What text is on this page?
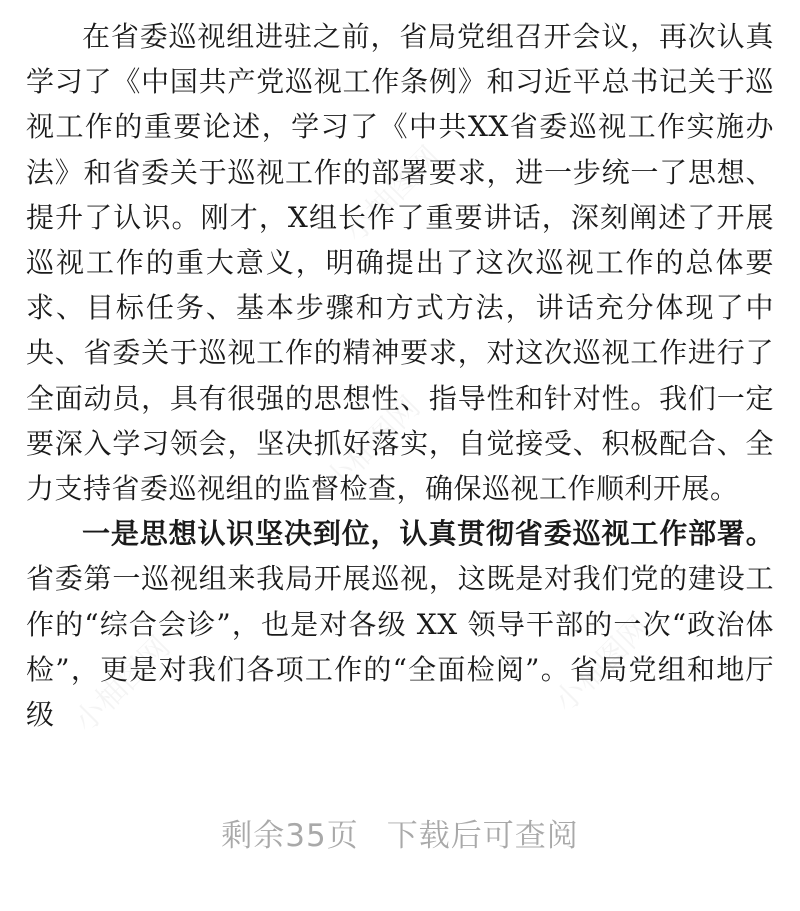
在省委巡视组进驻之前，省局党组召开会议，再次认真学习了《中国共产党巡视工作条例》和习近平总书记关于巡视工作的重要论述，学习了《中共XX省委巡视工作实施办法》和省委关于巡视工作的部署要求，进一步统一了思想、提升了认识。刚才，X组长作了重要讲话，深刻阐述了开展巡视工作的重大意义，明确提出了这次巡视工作的总体要求、目标任务、基本步骤和方式方法，讲话充分体现了中央、省委关于巡视工作的精神要求，对这次巡视工作进行了全面动员，具有很强的思想性、指导性和针对性。我们一定要深入学习领会，坚决抓好落实，自觉接受、积极配合、全力支持省委巡视组的监督检查，确保巡视工作顺利开展。

一是思想认识坚决到位，认真贯彻省委巡视工作部署。省委第一巡视组来我局开展巡视，这既是对我们党的建设工作的“综合会诊”，也是对各级 XX 领导干部的一次“政治体检”，更是对我们各项工作的“全面检阅”。省局党组和地厅级

剩余35页 下载后可查阅
